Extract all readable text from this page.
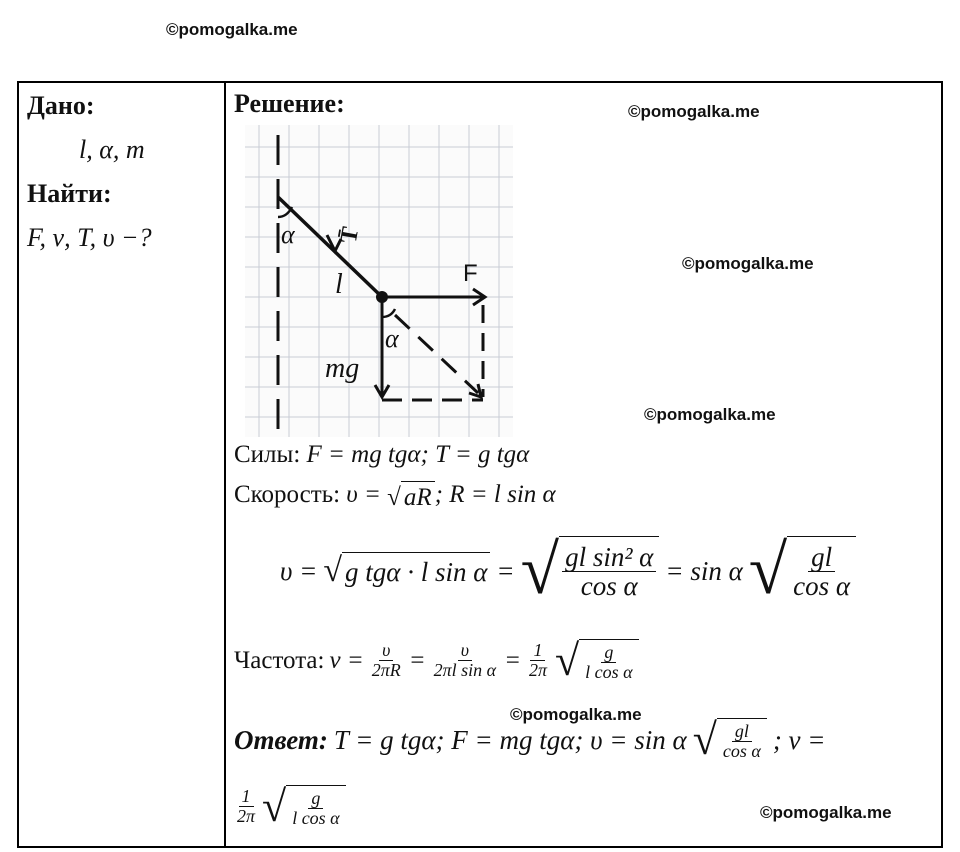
©pomogalka.me
©pomogalka.me
©pomogalka.me
©pomogalka.me
Дано:
l, α, m
Найти:
F, ν, T, υ −?
Решение:
α T̄
l	F
α
mg
Силы: F = mg tgα; T = g tgα
Скорость: υ = √ aR ; R = l sin α
υ = √ g tgα · l sin α = √ $\frac{\text{gl sin² α}}{\text{cos α}} = \sin \alpha$ √ $\frac{gl}{\text{cos α}}$
Частота: $\nu = \frac{\upsilon}{2\pi R} = \frac{\upsilon}{\text{2πl sin α}} = \frac{1}{2\pi}$ √ $\frac{g}{\text{l cos α}}$
Ответ: T = g tgα; F = mg tgα; υ = sin α √ $\frac{gl}{\text{cos α}}$ ; ν =
$\frac{1}{2\pi}$ √ $\frac{g}{\text{l cos α}}$
©pomogalka.me
©pomogalka.me
